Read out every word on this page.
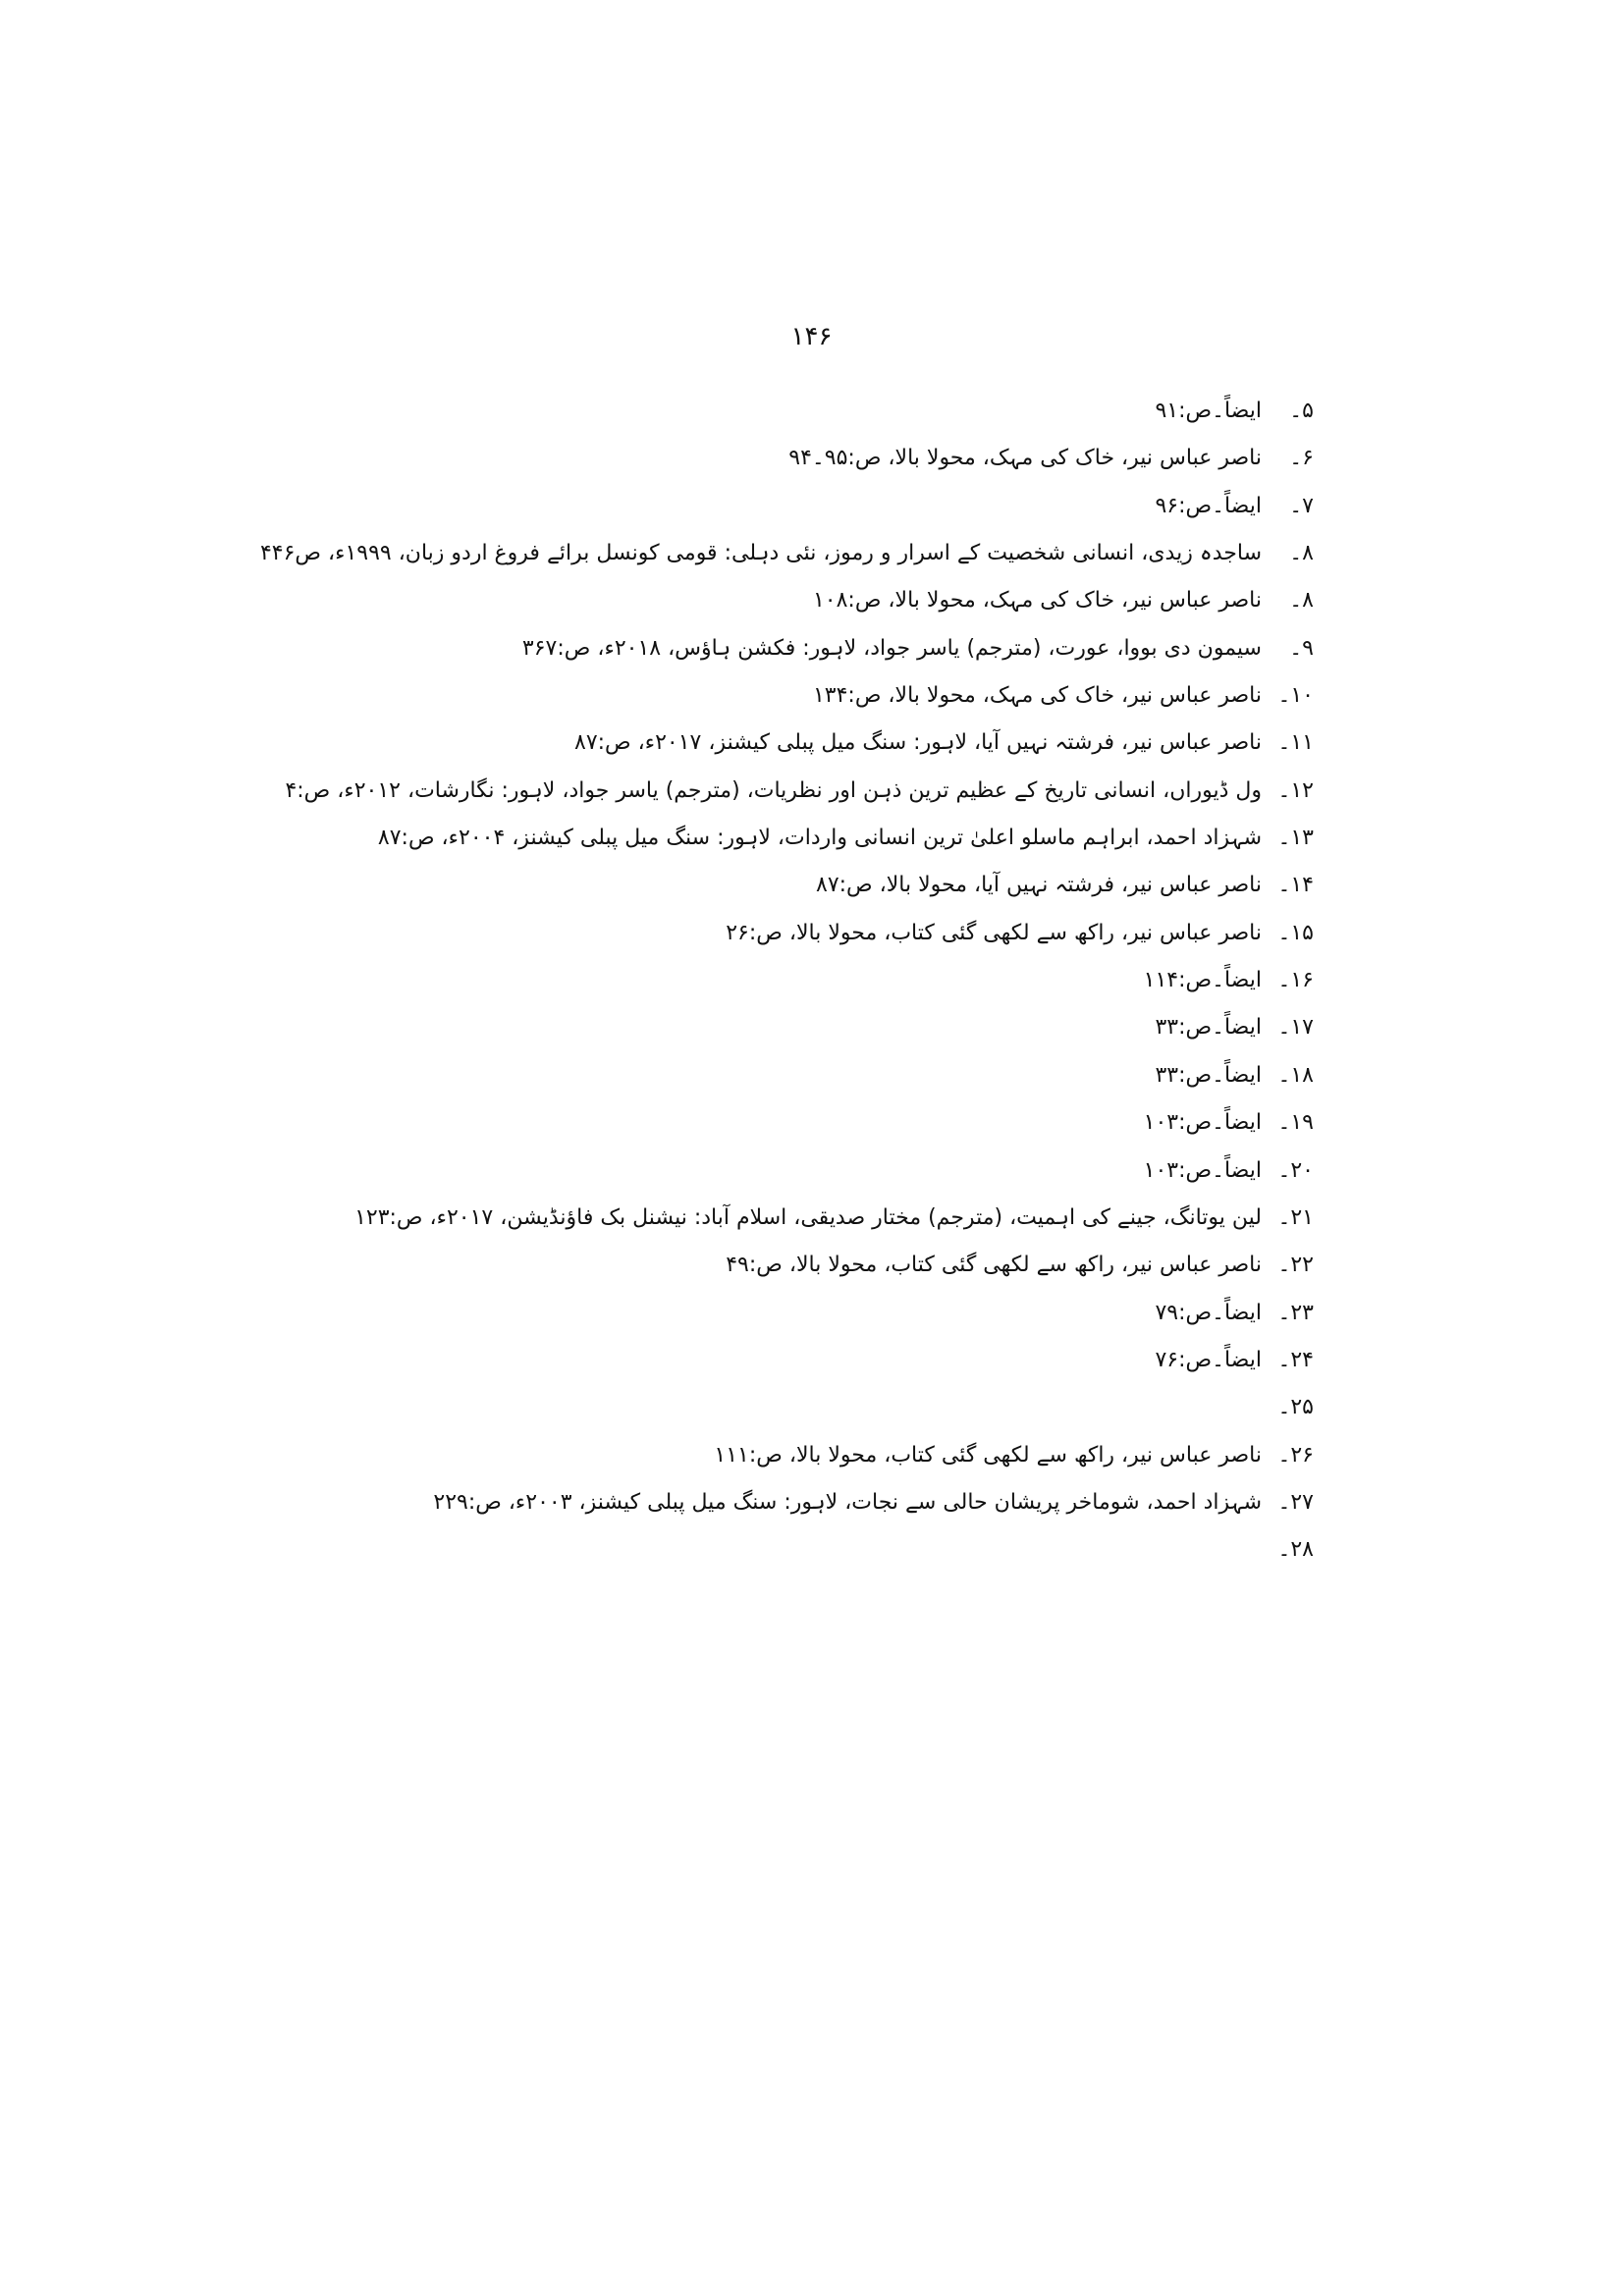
۱۴۶
۵۔ ایضاً۔ص:۹۱
۶۔ ناصر عباس نیر، خاک کی مہک، محولا بالا، ص:۹۵۔۹۴
۷۔ ایضاً۔ص:۹۶
۸۔ ساجدہ زیدی، انسانی شخصیت کے اسرار و رموز، نئی دہلی: قومی کونسل برائے فروغ اردو زبان، ۱۹۹۹ء، ص۴۴۶
۸۔ ناصر عباس نیر، خاک کی مہک، محولا بالا، ص:۱۰۸
۹۔ سیمون دی بووا، عورت، (مترجم) یاسر جواد، لاہور: فکشن ہاؤس، ۲۰۱۸ء، ص:۳۶۷
۱۰۔ ناصر عباس نیر، خاک کی مہک، محولا بالا، ص:۱۳۴
۱۱۔ ناصر عباس نیر، فرشتہ نہیں آیا، لاہور: سنگ میل پبلی کیشنز، ۲۰۱۷ء، ص:۸۷
۱۲۔ ول ڈیوراں، انسانی تاریخ کے عظیم ترین ذہن اور نظریات، (مترجم) یاسر جواد، لاہور: نگارشات، ۲۰۱۲ء، ص:۴
۱۳۔ شہزاد احمد، ابراہم ماسلو اعلیٰ ترین انسانی واردات، لاہور: سنگ میل پبلی کیشنز، ۲۰۰۴ء، ص:۸۷
۱۴۔ ناصر عباس نیر، فرشتہ نہیں آیا، محولا بالا، ص:۸۷
۱۵۔ ناصر عباس نیر، راکھ سے لکھی گئی کتاب، محولا بالا، ص:۲۶
۱۶۔ ایضاً۔ص:۱۱۴
۱۷۔ ایضاً۔ص:۳۳
۱۸۔ ایضاً۔ص:۳۳
۱۹۔ ایضاً۔ص:۱۰۳
۲۰۔ ایضاً۔ص:۱۰۳
۲۱۔ لین یوتانگ، جینے کی اہمیت، (مترجم) مختار صدیقی، اسلام آباد: نیشنل بک فاؤنڈیشن، ۲۰۱۷ء، ص:۱۲۳
۲۲۔ ناصر عباس نیر، راکھ سے لکھی گئی کتاب، محولا بالا، ص:۴۹
۲۳۔ ایضاً۔ص:۷۹
۲۴۔ ایضاً۔ص:۷۶
۲۵۔
۲۶۔ ناصر عباس نیر، راکھ سے لکھی گئی کتاب، محولا بالا، ص:۱۱۱
۲۷۔ شہزاد احمد، شوماخر پریشان حالی سے نجات، لاہور: سنگ میل پبلی کیشنز، ۲۰۰۳ء، ص:۲۲۹
۲۸۔
